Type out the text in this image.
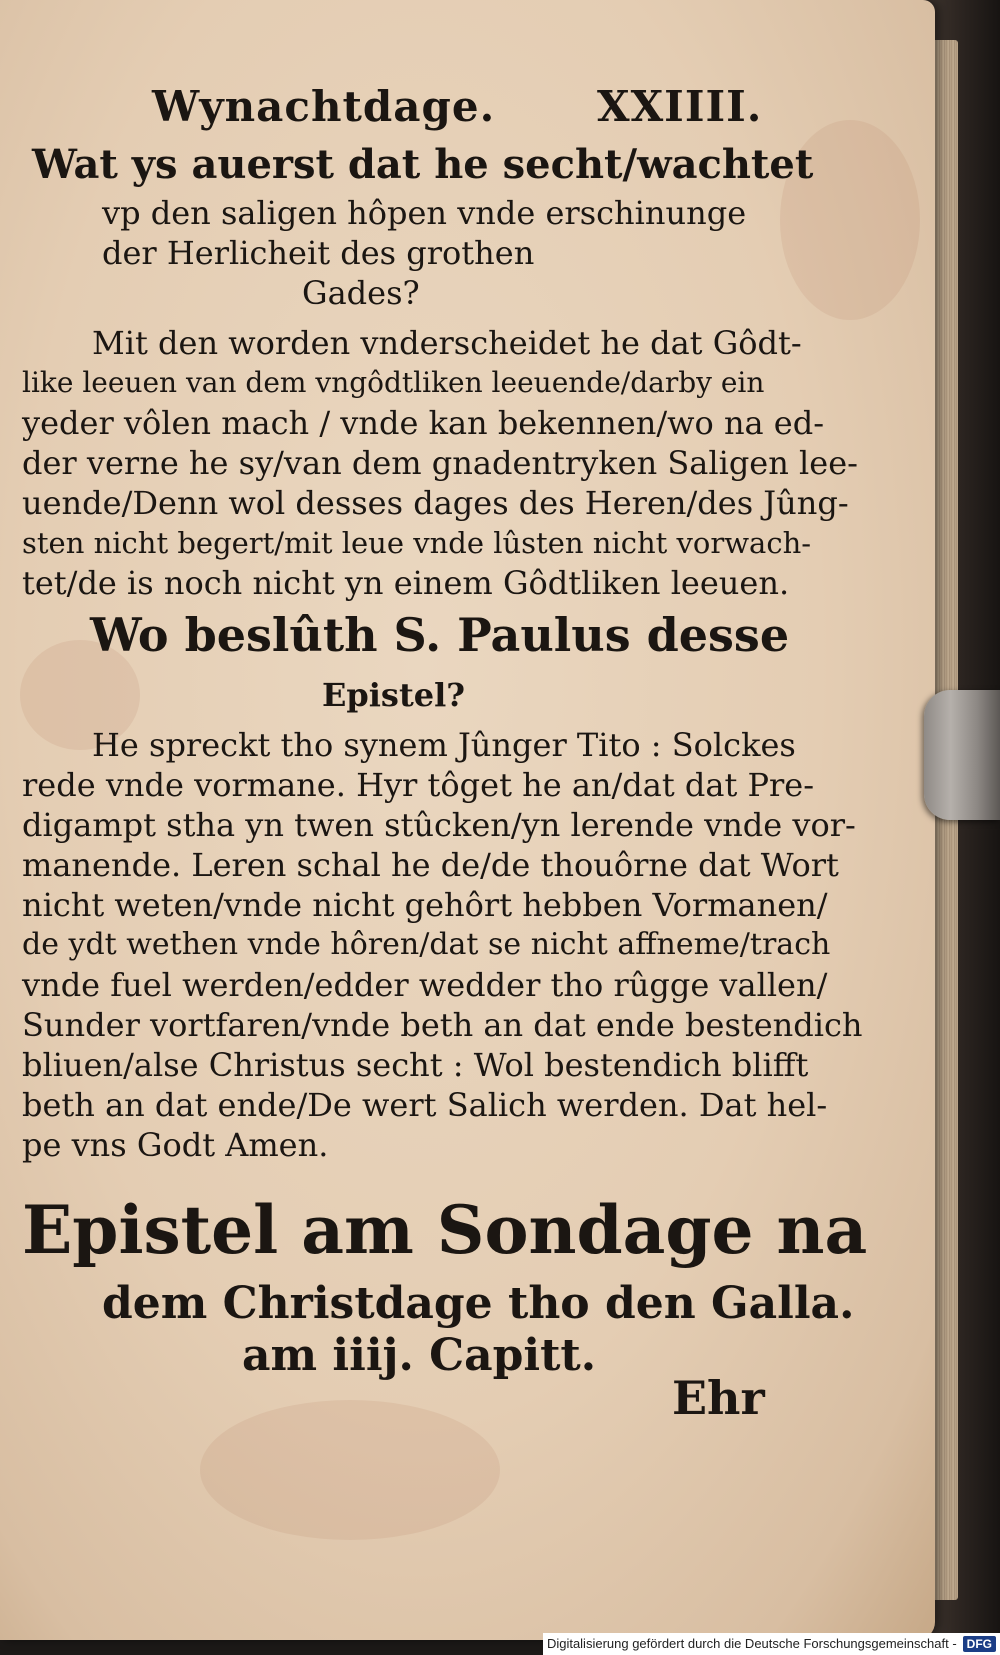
Wynachtdage. XXIIII.
Wat ys auerst dat he secht/wachtet
vp den saligen hôpen vnde erschinunge
der Herlicheit des grothen
Gades?
Mit den worden vnderscheidet he dat Gôdt-
like leeuen van dem vngôdtliken leeuende/darby ein
yeder vôlen mach / vnde kan bekennen/wo na ed-
der verne he sy/van dem gnadentryken Saligen lee-
uende/Denn wol desses dages des Heren/des Jûng-
sten nicht begert/mit leue vnde lûsten nicht vorwach-
tet/de is noch nicht yn einem Gôdtliken leeuen.
Wo beslûth S. Paulus desse
Epistel?
He spreckt tho synem Jûnger Tito : Solckes
rede vnde vormane. Hyr tôget he an/dat dat Pre-
digampt stha yn twen stûcken/yn lerende vnde vor-
manende. Leren schal he de/de thouôrne dat Wort
nicht weten/vnde nicht gehôrt hebben Vormanen/
de ydt wethen vnde hôren/dat se nicht affneme/trach
vnde fuel werden/edder wedder tho rûgge vallen/
Sunder vortfaren/vnde beth an dat ende bestendich
bliuen/alse Christus secht : Wol bestendich blifft
beth an dat ende/De wert Salich werden. Dat hel-
pe vns Godt Amen.
Epistel am Sondage na
dem Christdage tho den Galla.
am iiij. Capitt.
Ehr
Digitalisierung gefördert durch die Deutsche Forschungsgemeinschaft - DFG
